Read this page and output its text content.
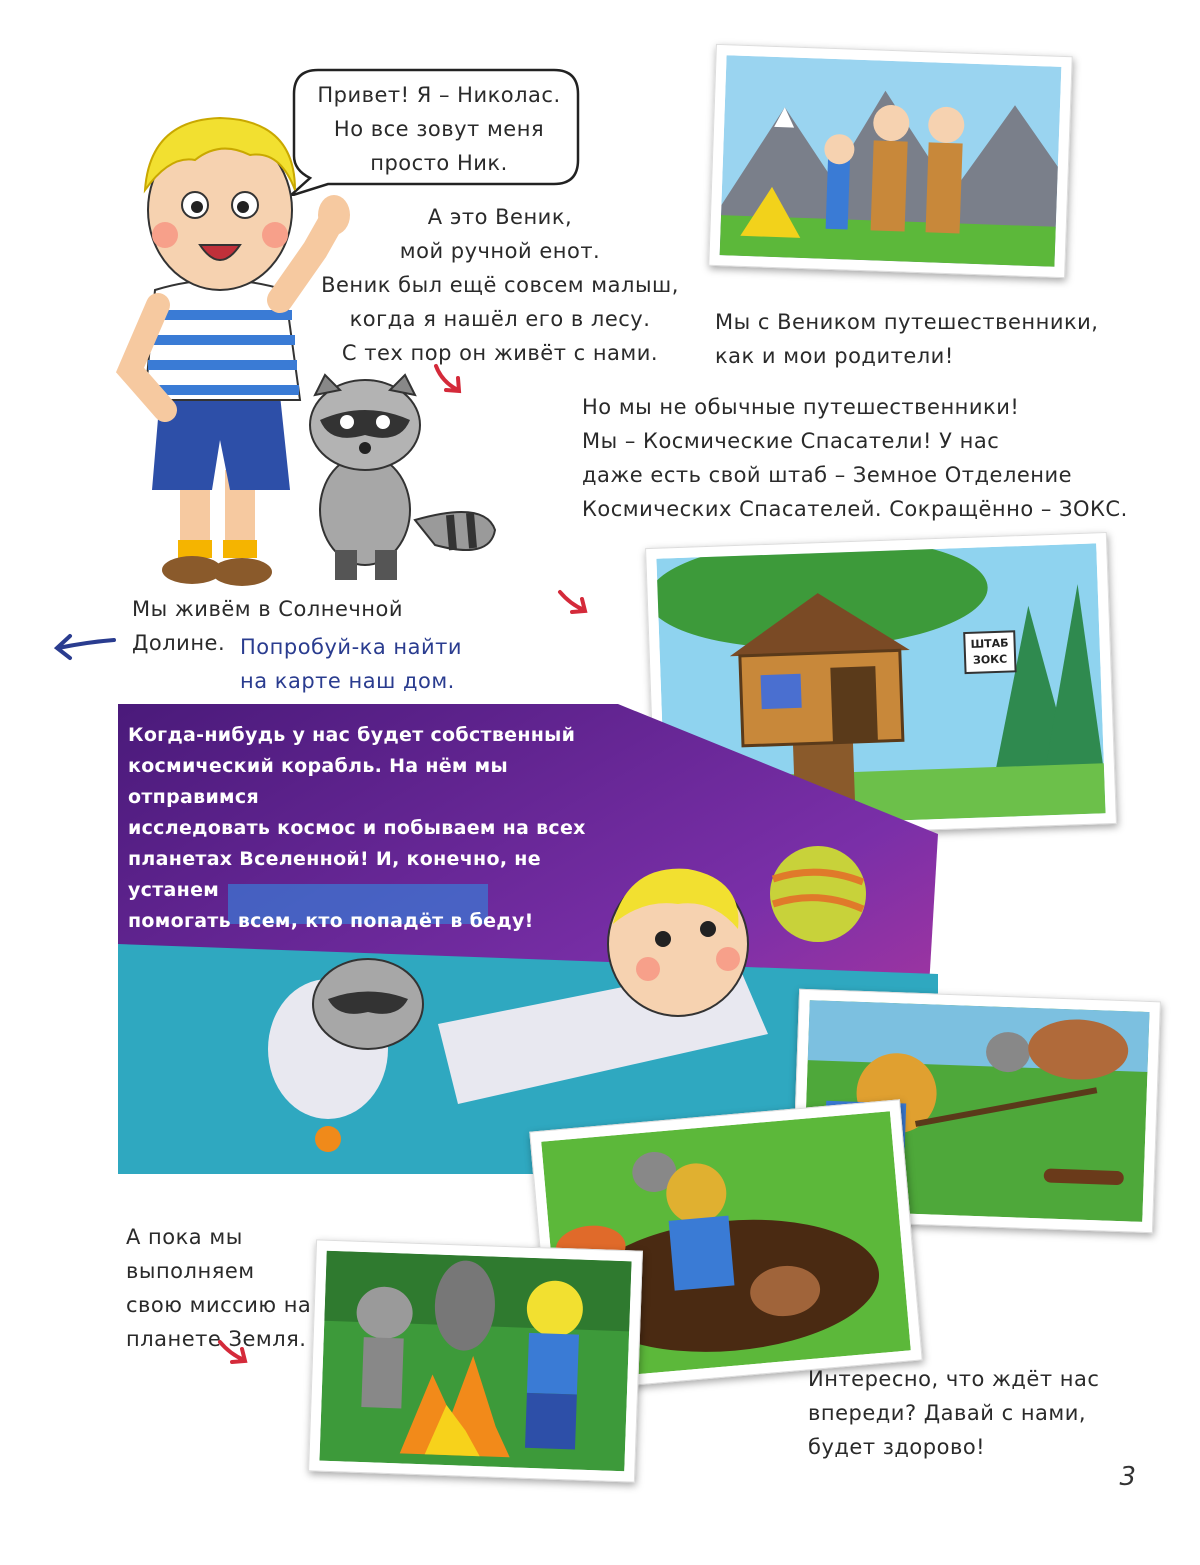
Привет! Я – Николас.
Но все зовут меня
просто Ник.
А это Веник,
мой ручной енот.
Веник был ещё совсем малыш,
когда я нашёл его в лесу.
С тех пор он живёт с нами.
Мы с Веником путешественники,
как и мои родители!
Но мы не обычные путешественники!
Мы – Космические Спасатели! У нас
даже есть свой штаб – Земное Отделение
Космических Спасателей. Сокращённо – ЗОКС.
ШТАБ
ЗОКС
Мы живём в Солнечной
Долине. Попробуй-ка найти
на карте наш дом.
Когда-нибудь у нас будет собственный
космический корабль. На нём мы отправимся
исследовать космос и побываем на всех
планетах Вселенной! И, конечно, не устанем
помогать всем, кто попадёт в беду!
А пока мы
выполняем
свою миссию на
планете Земля.
Интересно, что ждёт нас
впереди? Давай с нами,
будет здорово!
3
